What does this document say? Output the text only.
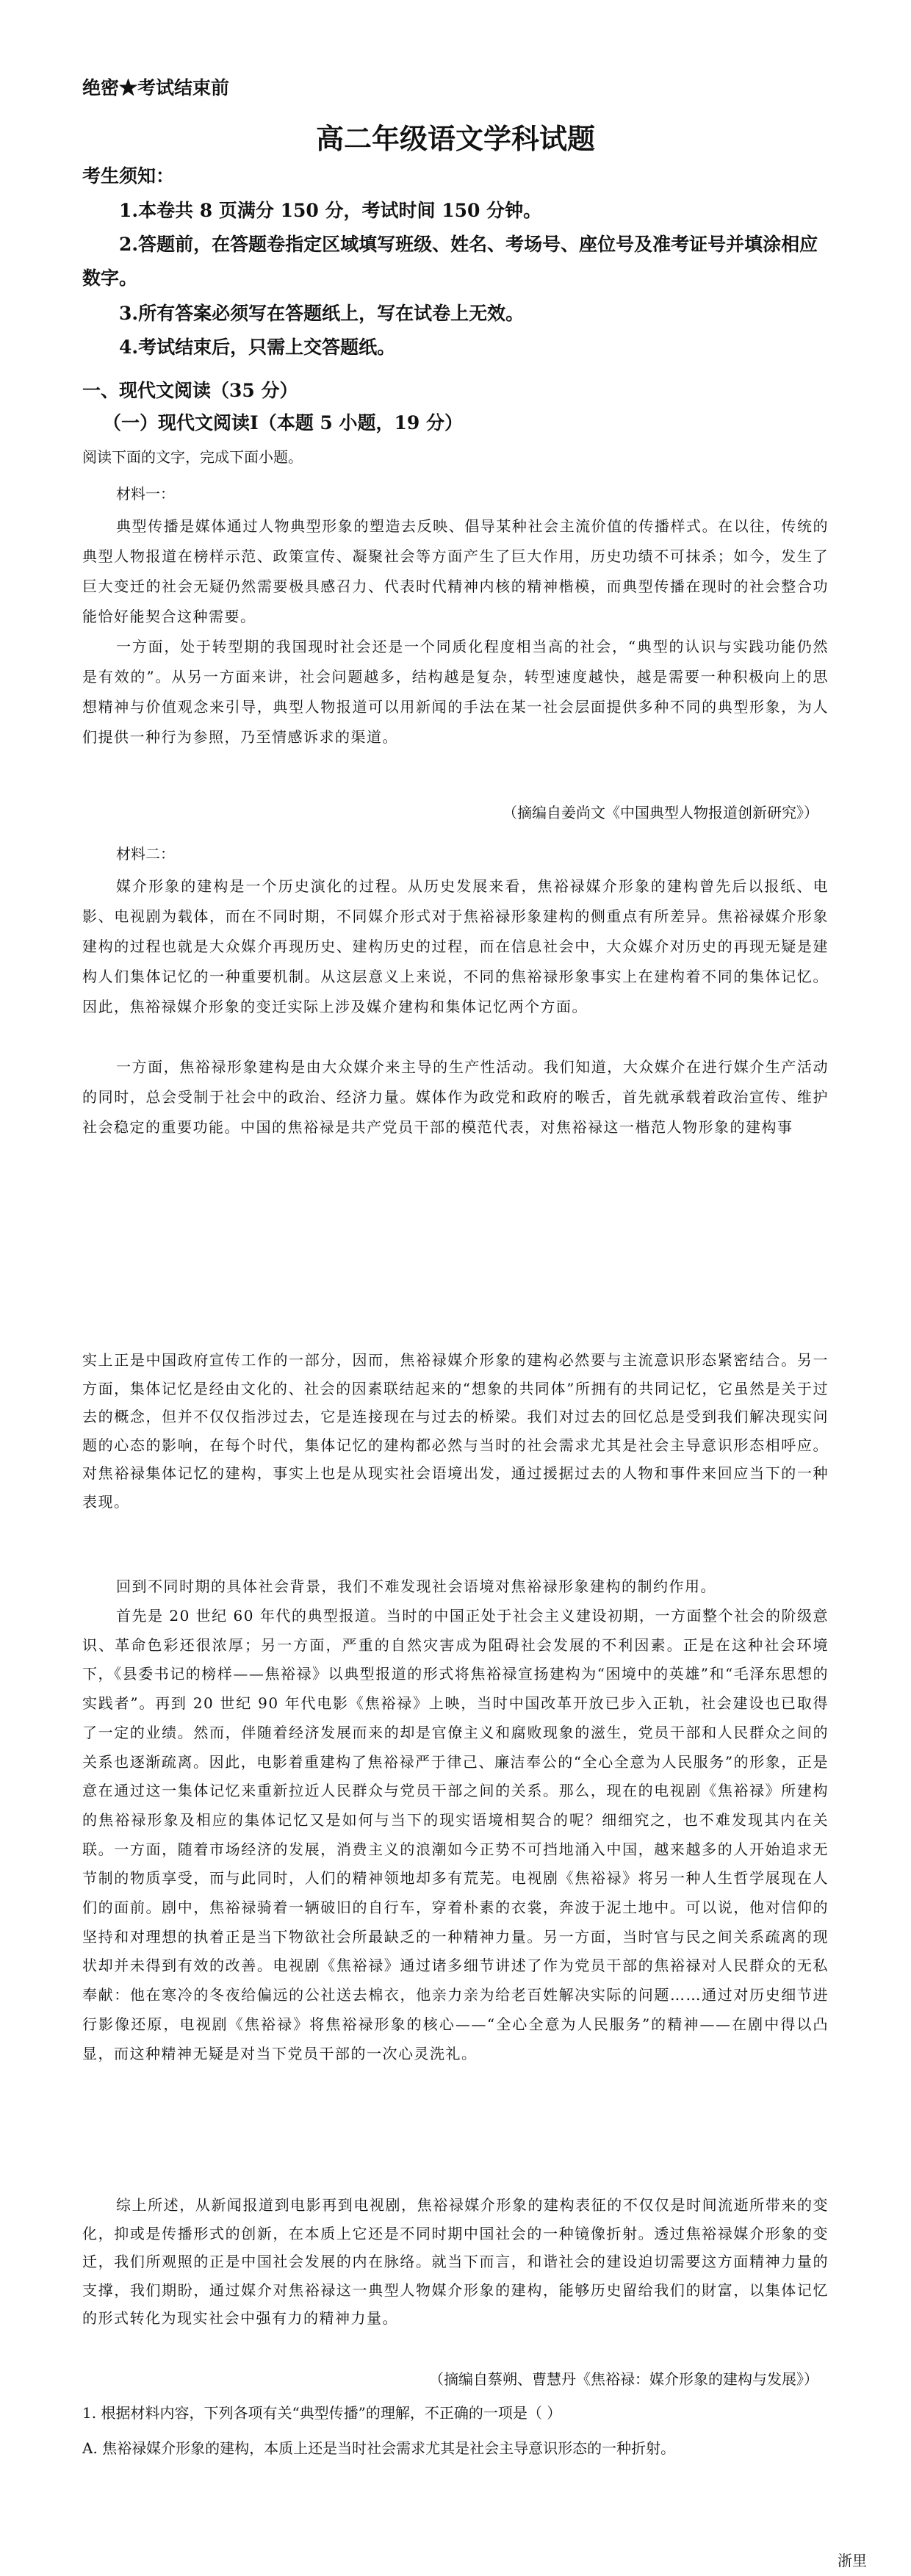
绝密★考试结束前
高二年级语文学科试题
考生须知：
1.本卷共 8 页满分 150 分，考试时间 150 分钟。
2.答题前，在答题卷指定区域填写班级、姓名、考场号、座位号及准考证号并填涂相应数字。
3.所有答案必须写在答题纸上，写在试卷上无效。
4.考试结束后，只需上交答题纸。
一、现代文阅读（35 分）
（一）现代文阅读Ⅰ（本题 5 小题，19 分）
阅读下面的文字，完成下面小题。
材料一：
典型传播是媒体通过人物典型形象的塑造去反映、倡导某种社会主流价值的传播样式。在以往，传统的典型人物报道在榜样示范、政策宣传、凝聚社会等方面产生了巨大作用，历史功绩不可抹杀；如今，发生了巨大变迁的社会无疑仍然需要极具感召力、代表时代精神内核的精神楷模，而典型传播在现时的社会整合功能恰好能契合这种需要。
一方面，处于转型期的我国现时社会还是一个同质化程度相当高的社会，“典型的认识与实践功能仍然是有效的”。从另一方面来讲，社会问题越多，结构越是复杂，转型速度越快，越是需要一种积极向上的思想精神与价值观念来引导，典型人物报道可以用新闻的手法在某一社会层面提供多种不同的典型形象，为人们提供一种行为参照，乃至情感诉求的渠道。
（摘编自姜尚文《中国典型人物报道创新研究》）
材料二：
媒介形象的建构是一个历史演化的过程。从历史发展来看，焦裕禄媒介形象的建构曾先后以报纸、电影、电视剧为载体，而在不同时期，不同媒介形式对于焦裕禄形象建构的侧重点有所差异。焦裕禄媒介形象建构的过程也就是大众媒介再现历史、建构历史的过程，而在信息社会中，大众媒介对历史的再现无疑是建构人们集体记忆的一种重要机制。从这层意义上来说，不同的焦裕禄形象事实上在建构着不同的集体记忆。因此，焦裕禄媒介形象的变迁实际上涉及媒介建构和集体记忆两个方面。
一方面，焦裕禄形象建构是由大众媒介来主导的生产性活动。我们知道，大众媒介在进行媒介生产活动的同时，总会受制于社会中的政治、经济力量。媒体作为政党和政府的喉舌，首先就承载着政治宣传、维护社会稳定的重要功能。中国的焦裕禄是共产党员干部的模范代表，对焦裕禄这一楷范人物形象的建构事
实上正是中国政府宣传工作的一部分，因而，焦裕禄媒介形象的建构必然要与主流意识形态紧密结合。另一方面，集体记忆是经由文化的、社会的因素联结起来的“想象的共同体”所拥有的共同记忆，它虽然是关于过去的概念，但并不仅仅指涉过去，它是连接现在与过去的桥梁。我们对过去的回忆总是受到我们解决现实问题的心态的影响，在每个时代，集体记忆的建构都必然与当时的社会需求尤其是社会主导意识形态相呼应。对焦裕禄集体记忆的建构，事实上也是从现实社会语境出发，通过援据过去的人物和事件来回应当下的一种表现。
回到不同时期的具体社会背景，我们不难发现社会语境对焦裕禄形象建构的制约作用。
首先是 20 世纪 60 年代的典型报道。当时的中国正处于社会主义建设初期，一方面整个社会的阶级意识、革命色彩还很浓厚；另一方面，严重的自然灾害成为阻碍社会发展的不利因素。正是在这种社会环境下，《县委书记的榜样——焦裕禄》以典型报道的形式将焦裕禄宣扬建构为“困境中的英雄”和“毛泽东思想的实践者”。再到 20 世纪 90 年代电影《焦裕禄》上映，当时中国改革开放已步入正轨，社会建设也已取得了一定的业绩。然而，伴随着经济发展而来的却是官僚主义和腐败现象的滋生，党员干部和人民群众之间的关系也逐渐疏离。因此，电影着重建构了焦裕禄严于律己、廉洁奉公的“全心全意为人民服务”的形象，正是意在通过这一集体记忆来重新拉近人民群众与党员干部之间的关系。那么，现在的电视剧《焦裕禄》所建构的焦裕禄形象及相应的集体记忆又是如何与当下的现实语境相契合的呢？细细究之，也不难发现其内在关联。一方面，随着市场经济的发展，消费主义的浪潮如今正势不可挡地涌入中国，越来越多的人开始追求无节制的物质享受，而与此同时，人们的精神领地却多有荒芜。电视剧《焦裕禄》将另一种人生哲学展现在人们的面前。剧中，焦裕禄骑着一辆破旧的自行车，穿着朴素的衣裳，奔波于泥土地中。可以说，他对信仰的坚持和对理想的执着正是当下物欲社会所最缺乏的一种精神力量。另一方面，当时官与民之间关系疏离的现状却并未得到有效的改善。电视剧《焦裕禄》通过诸多细节讲述了作为党员干部的焦裕禄对人民群众的无私奉献：他在寒冷的冬夜给偏远的公社送去棉衣，他亲力亲为给老百姓解决实际的问题……通过对历史细节进行影像还原，电视剧《焦裕禄》将焦裕禄形象的核心——“全心全意为人民服务”的精神——在剧中得以凸显，而这种精神无疑是对当下党员干部的一次心灵洗礼。
综上所述，从新闻报道到电影再到电视剧，焦裕禄媒介形象的建构表征的不仅仅是时间流逝所带来的变化，抑或是传播形式的创新，在本质上它还是不同时期中国社会的一种镜像折射。透过焦裕禄媒介形象的变迁，我们所观照的正是中国社会发展的内在脉络。就当下而言，和谐社会的建设迫切需要这方面精神力量的支撑，我们期盼，通过媒介对焦裕禄这一典型人物媒介形象的建构，能够历史留给我们的財富，以集体记忆的形式转化为现实社会中强有力的精神力量。
（摘编自蔡朔、曹慧丹《焦裕禄：媒介形象的建构与发展》）
1. 根据材料内容，下列各项有关“典型传播”的理解，不正确的一项是（ ）
A. 焦裕禄媒介形象的建构，本质上还是当时社会需求尤其是社会主导意识形态的一种折射。
浙里
